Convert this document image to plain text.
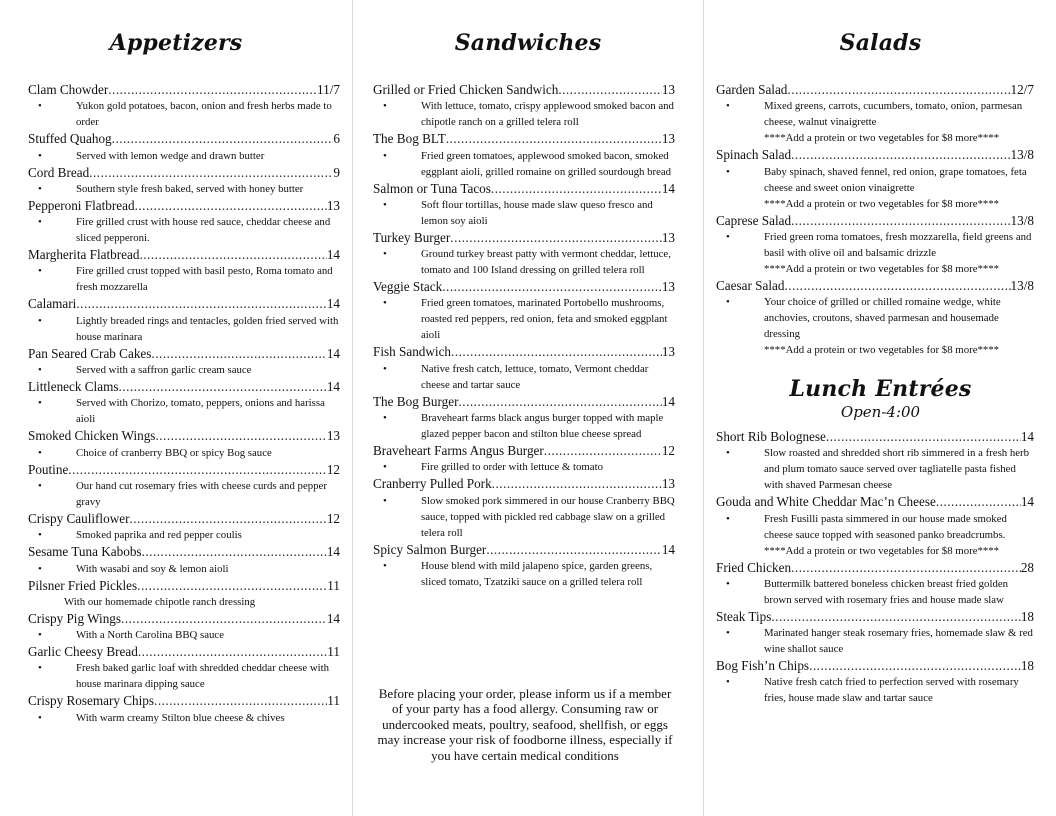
Appetizers
Clam Chowder .....	11/7
• Yukon gold potatoes, bacon, onion and fresh herbs made to order
Stuffed Quahog .....	6
• Served with lemon wedge and drawn butter
Cord Bread .....	9
• Southern style fresh baked, served with honey butter
Pepperoni Flatbread .....	13
• Fire grilled crust with house red sauce, cheddar cheese and sliced pepperoni.
Margherita Flatbread .....	14
• Fire grilled crust topped with basil pesto, Roma tomato and fresh mozzarella
Calamari .....	14
• Lightly breaded rings and tentacles, golden fried served with house marinara
Pan Seared Crab Cakes .....	14
• Served with a saffron garlic cream sauce
Littleneck Clams .....	14
• Served with Chorizo, tomato, peppers, onions and harissa aioli
Smoked Chicken Wings .....	13
• Choice of cranberry BBQ or spicy Bog sauce
Poutine .....	12
• Our hand cut rosemary fries with cheese curds and pepper gravy
Crispy Cauliflower .....	12
• Smoked paprika and red pepper coulis
Sesame Tuna Kabobs .....	14
• With wasabi and soy & lemon aioli
Pilsner Fried Pickles .....	11
With our homemade chipotle ranch dressing
Crispy Pig Wings .....	14
• With a North Carolina BBQ sauce
Garlic Cheesy Bread .....	11
• Fresh baked garlic loaf with shredded cheddar cheese with house marinara dipping sauce
Crispy Rosemary Chips .....	11
• With warm creamy Stilton blue cheese & chives
Sandwiches
Grilled or Fried Chicken Sandwich .....	13
• With lettuce, tomato, crispy applewood smoked bacon and chipotle ranch on a grilled telera roll
The Bog BLT .....	13
• Fried green tomatoes, applewood smoked bacon, smoked eggplant aioli, grilled romaine on grilled sourdough bread
Salmon or Tuna Tacos .....	14
• Soft flour tortillas, house made slaw queso fresco and lemon soy aioli
Turkey Burger .....	13
• Ground turkey breast patty with vermont cheddar, lettuce, tomato and 100 Island dressing on grilled telera roll
Veggie Stack .....	13
• Fried green tomatoes, marinated Portobello mushrooms, roasted red peppers, red onion, feta and smoked eggplant aioli
Fish Sandwich .....	13
• Native fresh catch, lettuce, tomato, Vermont cheddar cheese and tartar sauce
The Bog Burger .....	14
• Braveheart farms black angus burger topped with maple glazed pepper bacon and stilton blue cheese spread
Braveheart Farms Angus Burger .....	12
• Fire grilled to order with lettuce & tomato
Cranberry Pulled Pork .....	13
• Slow smoked pork simmered in our house Cranberry BBQ sauce, topped with pickled red cabbage slaw on a grilled telera roll
Spicy Salmon Burger .....	14
• House blend with mild jalapeno spice, garden greens, sliced tomato, Tzatziki sauce on a grilled telera roll
Before placing your order, please inform us if a member of your party has a food allergy. Consuming raw or undercooked meats, poultry, seafood, shellfish, or eggs may increase your risk of foodborne illness, especially if you have certain medical conditions
Salads
Garden Salad .....	12/7
• Mixed greens, carrots, cucumbers, tomato, onion, parmesan cheese, walnut vinaigrette
****Add a protein or two vegetables for $8 more****
Spinach Salad .....	13/8
• Baby spinach, shaved fennel, red onion, grape tomatoes, feta cheese and sweet onion vinaigrette
****Add a protein or two vegetables for $8 more****
Caprese Salad .....	13/8
• Fried green roma tomatoes, fresh mozzarella, field greens and basil with olive oil and balsamic drizzle
****Add a protein or two vegetables for $8 more****
Caesar Salad .....	13/8
• Your choice of grilled or chilled romaine wedge, white anchovies, croutons, shaved parmesan and housemade dressing
****Add a protein or two vegetables for $8 more****
Lunch Entrées
Open-4:00
Short Rib Bolognese .....	14
• Slow roasted and shredded short rib simmered in a fresh herb and plum tomato sauce served over tagliatelle pasta fished with shaved Parmesan cheese
Gouda and White Cheddar Mac’n Cheese .....	14
• Fresh Fusilli pasta simmered in our house made smoked cheese sauce topped with seasoned panko breadcrumbs.
****Add a protein or two vegetables for $8 more****
Fried Chicken .....	28
• Buttermilk battered boneless chicken breast fried golden brown served with rosemary fries and house made slaw
Steak Tips .....	18
• Marinated hanger steak rosemary fries, homemade slaw & red wine shallot sauce
Bog Fish’n Chips .....	18
• Native fresh catch fried to perfection served with rosemary fries, house made slaw and tartar sauce
